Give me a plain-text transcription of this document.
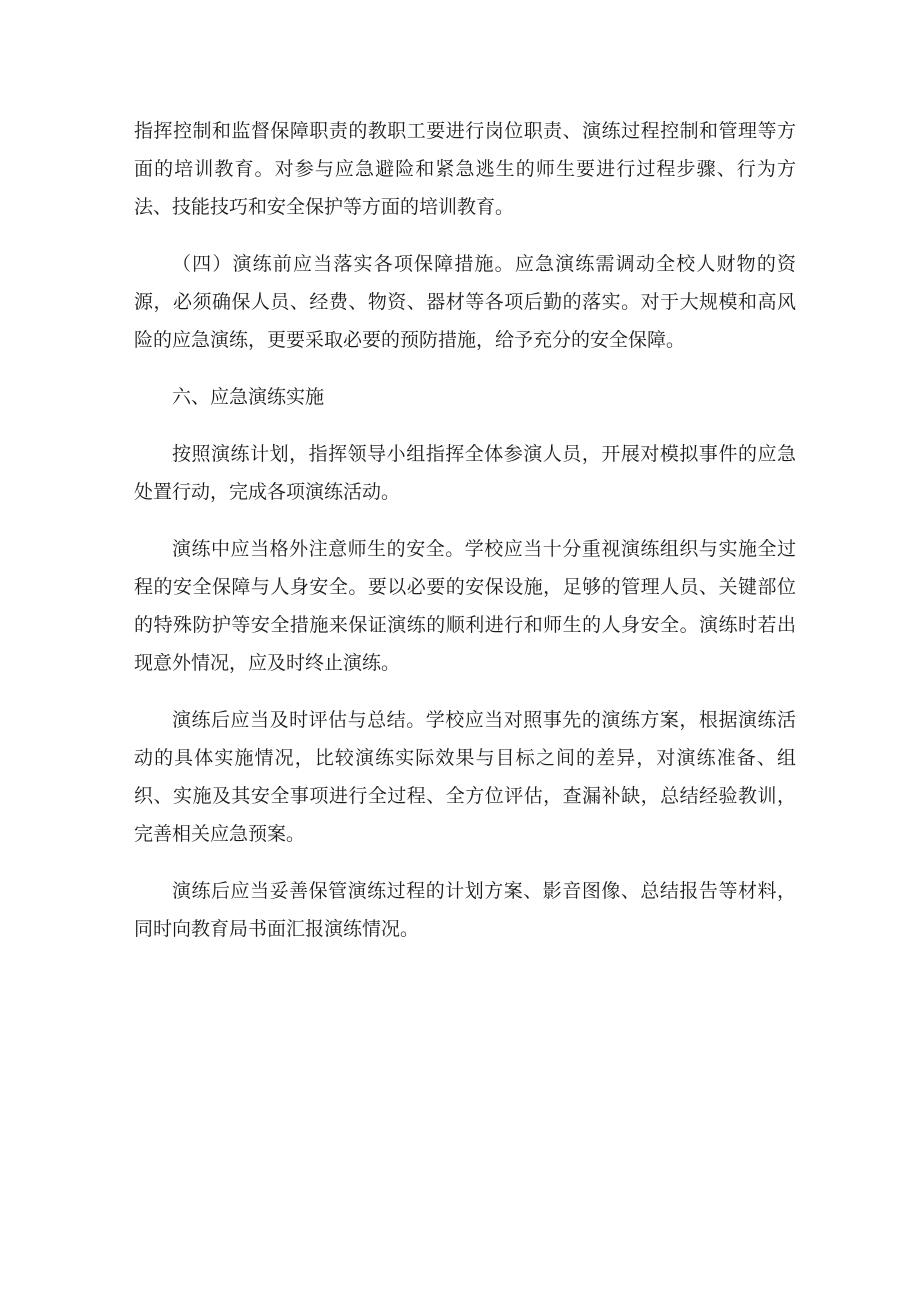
指挥控制和监督保障职责的教职工要进行岗位职责、演练过程控制和管理等方面的培训教育。对参与应急避险和紧急逃生的师生要进行过程步骤、行为方法、技能技巧和安全保护等方面的培训教育。

（四）演练前应当落实各项保障措施。应急演练需调动全校人财物的资源，必须确保人员、经费、物资、器材等各项后勤的落实。对于大规模和高风险的应急演练，更要采取必要的预防措施，给予充分的安全保障。

六、应急演练实施

按照演练计划，指挥领导小组指挥全体参演人员，开展对模拟事件的应急处置行动，完成各项演练活动。

演练中应当格外注意师生的安全。学校应当十分重视演练组织与实施全过程的安全保障与人身安全。要以必要的安保设施，足够的管理人员、关键部位的特殊防护等安全措施来保证演练的顺利进行和师生的人身安全。演练时若出现意外情况，应及时终止演练。

演练后应当及时评估与总结。学校应当对照事先的演练方案，根据演练活动的具体实施情况，比较演练实际效果与目标之间的差异，对演练准备、组织、实施及其安全事项进行全过程、全方位评估，查漏补缺，总结经验教训，完善相关应急预案。

演练后应当妥善保管演练过程的计划方案、影音图像、总结报告等材料，同时向教育局书面汇报演练情况。
